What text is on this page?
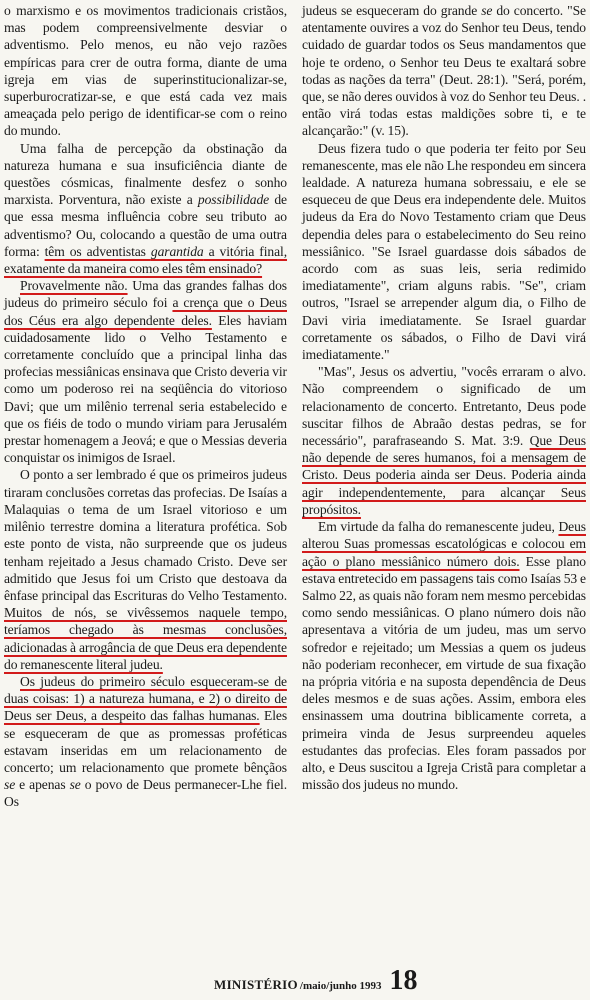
o marxismo e os movimentos tradicionais cristãos, mas podem compreensivelmente desviar o adventismo. Pelo menos, eu não vejo razões empíricas para crer de outra forma, diante de uma igreja em vias de superinstitucionalizar-se, superburocratizar-se, e que está cada vez mais ameaçada pelo perigo de identificar-se com o reino do mundo.

Uma falha de percepção da obstinação da natureza humana e sua insuficiência diante de questões cósmicas, finalmente desfez o sonho marxista. Porventura, não existe a possibilidade de que essa mesma influência cobre seu tributo ao adventismo? Ou, colocando a questão de uma outra forma: têm os adventistas garantida a vitória final, exatamente da maneira como eles têm ensinado?

Provavelmente não. Uma das grandes falhas dos judeus do primeiro século foi a crença que o Deus dos Céus era algo dependente deles. Eles haviam cuidadosamente lido o Velho Testamento e corretamente concluído que a principal linha das profecias messiânicas ensinava que Cristo deveria vir como um poderoso rei na seqüência do vitorioso Davi; que um milênio terrenal seria estabelecido e que os fiéis de todo o mundo viriam para Jerusalém prestar homenagem a Jeová; e que o Messias deveria conquistar os inimigos de Israel.

O ponto a ser lembrado é que os primeiros judeus tiraram conclusões corretas das profecias. De Isaías a Malaquias o tema de um Israel vitorioso e um milênio terrestre domina a literatura profética. Sob este ponto de vista, não surpreende que os judeus tenham rejeitado a Jesus chamado Cristo. Deve ser admitido que Jesus foi um Cristo que destoava da ênfase principal das Escrituras do Velho Testamento. Muitos de nós, se vivêssemos naquele tempo, teríamos chegado às mesmas conclusões, adicionadas à arrogância de que Deus era dependente do remanescente literal judeu.

Os judeus do primeiro século esqueceram-se de duas coisas: 1) a natureza humana, e 2) o direito de Deus ser Deus, a despeito das falhas humanas. Eles se esqueceram de que as promessas proféticas estavam inseridas em um relacionamento de concerto; um relacionamento que promete bênçãos se e apenas se o povo de Deus permanecer-Lhe fiel. Os

judeus se esqueceram do grande se do concerto. "Se atentamente ouvires a voz do Senhor teu Deus, tendo cuidado de guardar todos os Seus mandamentos que hoje te ordeno, o Senhor teu Deus te exaltará sobre todas as nações da terra" (Deut. 28:1). "Será, porém, que, se não deres ouvidos à voz do Senhor teu Deus. . então virá todas estas maldições sobre ti, e te alcançarão:" (v. 15).

Deus fizera tudo o que poderia ter feito por Seu remanescente, mas ele não Lhe respondeu em sincera lealdade. A natureza humana sobressaiu, e ele se esqueceu de que Deus era independente dele. Muitos judeus da Era do Novo Testamento criam que Deus dependia deles para o estabelecimento do Seu reino messiânico. "Se Israel guardasse dois sábados de acordo com as suas leis, seria redimido imediatamente", criam alguns rabis. "Se", criam outros, "Israel se arrepender algum dia, o Filho de Davi viria imediatamente. Se Israel guardar corretamente os sábados, o Filho de Davi virá imediatamente."

"Mas", Jesus os advertiu, "vocês erraram o alvo. Não compreendem o significado de um relacionamento de concerto. Entretanto, Deus pode suscitar filhos de Abraão destas pedras, se for necessário", parafraseando S. Mat. 3:9. Que Deus não depende de seres humanos, foi a mensagem de Cristo. Deus poderia ainda ser Deus. Poderia ainda agir independentemente, para alcançar Seus propósitos.

Em virtude da falha do remanescente judeu, Deus alterou Suas promessas escatológicas e colocou em ação o plano messiânico número dois. Esse plano estava entretecido em passagens tais como Isaías 53 e Salmo 22, as quais não foram nem mesmo percebidas como sendo messiânicas. O plano número dois não apresentava a vitória de um judeu, mas um servo sofredor e rejeitado; um Messias a quem os judeus não poderiam reconhecer, em virtude de sua fixação na própria vitória e na suposta dependência de Deus deles mesmos e de suas ações. Assim, embora eles ensinassem uma doutrina biblicamente correta, a primeira vinda de Jesus surpreendeu aqueles estudantes das profecias. Eles foram passados por alto, e Deus suscitou a Igreja Cristã para completar a missão dos judeus no mundo.

MINISTÉRIO /maio/junho 1993 18
